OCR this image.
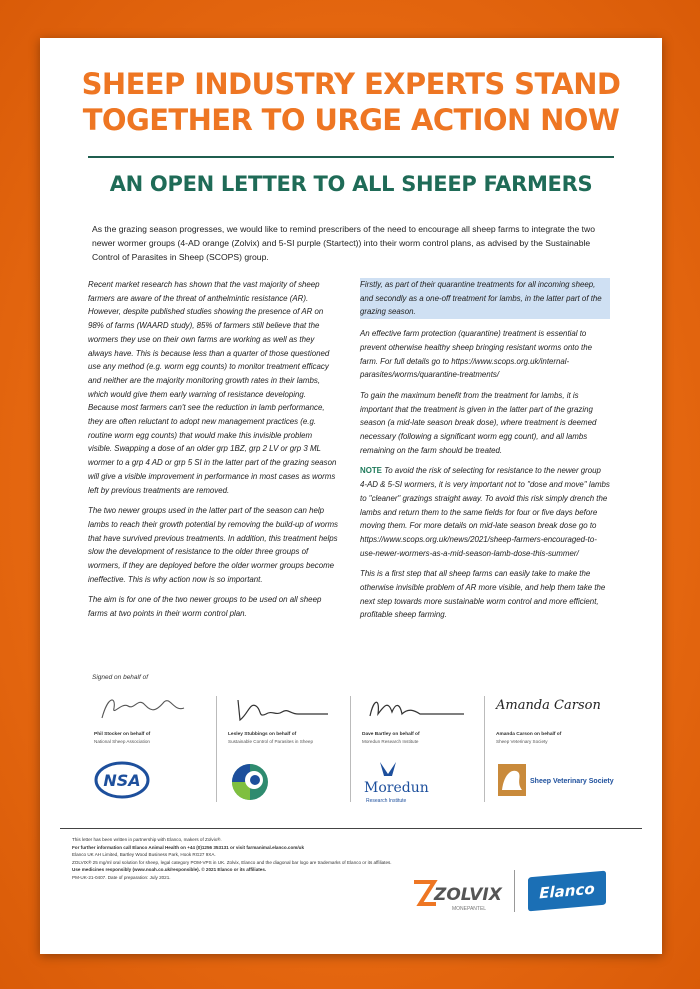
SHEEP INDUSTRY EXPERTS STAND
TOGETHER TO URGE ACTION NOW
AN OPEN LETTER TO ALL SHEEP FARMERS
As the grazing season progresses, we would like to remind prescribers of the need to encourage all sheep farms to integrate the two newer wormer groups (4-AD orange (Zolvix) and 5-SI purple (Startect)) into their worm control plans, as advised by the Sustainable Control of Parasites in Sheep (SCOPS) group.

Recent market research has shown that the vast majority of sheep farmers are aware of the threat of anthelmintic resistance (AR). However, despite published studies showing the presence of AR on 98% of farms (WAARD study), 85% of farmers still believe that the wormers they use on their own farms are working as well as they always have. This is because less than a quarter of those questioned use any method (e.g. worm egg counts) to monitor treatment efficacy and neither are the majority monitoring growth rates in their lambs, which would give them early warning of resistance developing. Because most farmers can't see the reduction in lamb performance, they are often reluctant to adopt new management practices (e.g. routine worm egg counts) that would make this invisible problem visible. Swapping a dose of an older grp 1BZ, grp 2 LV or grp 3 ML wormer to a grp 4 AD or grp 5 SI in the latter part of the grazing season will give a visible improvement in performance in most cases as worms left by previous treatments are removed.

The two newer groups used in the latter part of the season can help lambs to reach their growth potential by removing the build-up of worms that have survived previous treatments. In addition, this treatment helps slow the development of resistance to the older three groups of wormers, if they are deployed before the older wormer groups become ineffective. This is why action now is so important.

The aim is for one of the two newer groups to be used on all sheep farms at two points in their worm control plan.

Firstly, as part of their quarantine treatments for all incoming sheep, and secondly as a one-off treatment for lambs, in the latter part of the grazing season.

An effective farm protection (quarantine) treatment is essential to prevent otherwise healthy sheep bringing resistant worms onto the farm. For full details go to https://www.scops.org.uk/internal-parasites/worms/quarantine-treatments/

To gain the maximum benefit from the treatment for lambs, it is important that the treatment is given in the latter part of the grazing season (a mid-late season break dose), where treatment is deemed necessary (following a significant worm egg count), and all lambs remaining on the farm should be treated.

NOTE To avoid the risk of selecting for resistance to the newer group 4-AD & 5-SI wormers, it is very important not to "dose and move" lambs to "cleaner" grazings straight away. To avoid this risk simply drench the lambs and return them to the same fields for four or five days before moving them. For more details on mid-late season break dose go to https://www.scops.org.uk/news/2021/sheep-farmers-encouraged-to-use-newer-wormers-as-a-mid-season-lamb-dose-this-summer/

This is a first step that all sheep farms can easily take to make the otherwise invisible problem of AR more visible, and help them take the next step towards more sustainable worm control and more efficient, profitable sheep farming.

Signed on behalf of
Phil Stocker on behalf of
National Sheep Association
NSA
Lesley Stubbings on behalf of
Sustainable Control of Parasites in Sheep
Dave Bartley on behalf of
Moredun Research Institute
Moredun
Research Institute
Amanda Carson
Amanda Carson on behalf of
Sheep Veterinary Society
Sheep Veterinary Society
This letter has been written in partnership with Elanco, makers of Zolvix®.
For further information call Elanco Animal Health on +44 (0)1256 353131 or visit farmanimal.elanco.com/uk
Elanco UK AH Limited, Bartley Wood Business Park, Hook RG27 9XA.
ZOLVIX® 25 mg/ml oral solution for sheep, legal category POM-VPS in UK. Zolvix, Elanco and the diagonal bar logo are trademarks of Elanco or its affiliates.
Use medicines responsibly (www.noah.co.uk/responsible). © 2021 Elanco or its affiliates.
PM-UK-21-0407. Date of preparation: July 2021.
ZOLVIX
MONEPANTEL
Elanco
